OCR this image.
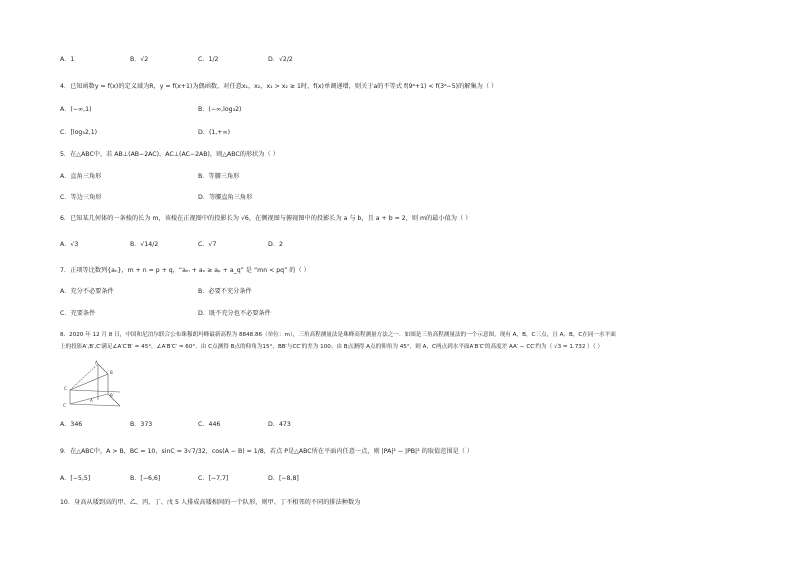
A．1	B．√2	C．1/2	D．√2/2
4．已知函数y = f(x)的定义域为R，y = f(x+1)为偶函数，对任意x₁，x₂，x₁ > x₂ ≥ 1时，f(x)单调递增，则关于a的不等式 f(9ᵃ+1) < f(3ᵃ−5)的解集为（ ）
A．(−∞,1)	B．(−∞,log₃2)
C．[log₃2,1)	D．(1,+∞)
5．在△ABC中，若 AB⊥(AB−2AC)，AC⊥(AC−2AB)，则△ABC的形状为（ ）
A．直角三角形	B．等腰三角形
C．等边三角形	D．等腰直角三角形
6．已知某几何体的一条棱的长为 m，该棱在正视图中的投影长为 √6，在侧视图与俯视图中的投影长为 a 与 b，且 a + b = 2，则 m的最小值为（ ）
A．√3	B．√14/2	C．√7	D．2
7．正项等比数列{aₙ}，m + n = p + q，“aₘ + aₙ ≥ aₚ + a_q” 是 “mn < pq” 的（ ）
A．充分不必要条件	B．必要不充分条件
C．充要条件	D．既不充分也不必要条件
8．2020 年 12 月 8 日，中国和尼泊尔联合公布珠穆朗玛峰最新高程为 8848.86（单位：m），三角高程测量法是珠峰高程测量方法之一．如图是三角高程测量法的一个示意图，现有 A，B，C三点，且 A，B，C在同一水平面
上的投影A′,B′,C′满足∠A′C′B′ = 45°，∠A′B′C′ = 60°．由 C点测得 B点的仰角为15°，BB′与CC′的差为 100；由 B点测得 A点的仰角为 45°，则 A，C两点到水平面A′B′C′的高度差 AA′ − CC′约为（ √3 = 1.732 ）（ ）
A
B
C
A′
B′
C′
A．346	B．373	C．446	D．473
9．在△ABC中，A > B，BC = 10，sinC = 3√7/32，cos(A − B) = 1/8，若点 P是△ABC所在平面内任意一点，则 |PA|² − |PB|² 的取值范围是（ ）
A．[−5,5]	B．[−6,6]	C．[−7,7]	D．[−8,8]
10．身高从矮到高的甲、乙、丙、丁、戊 5 人排成高矮相间的一个队形，则甲、丁不相邻的不同的排法种数为
